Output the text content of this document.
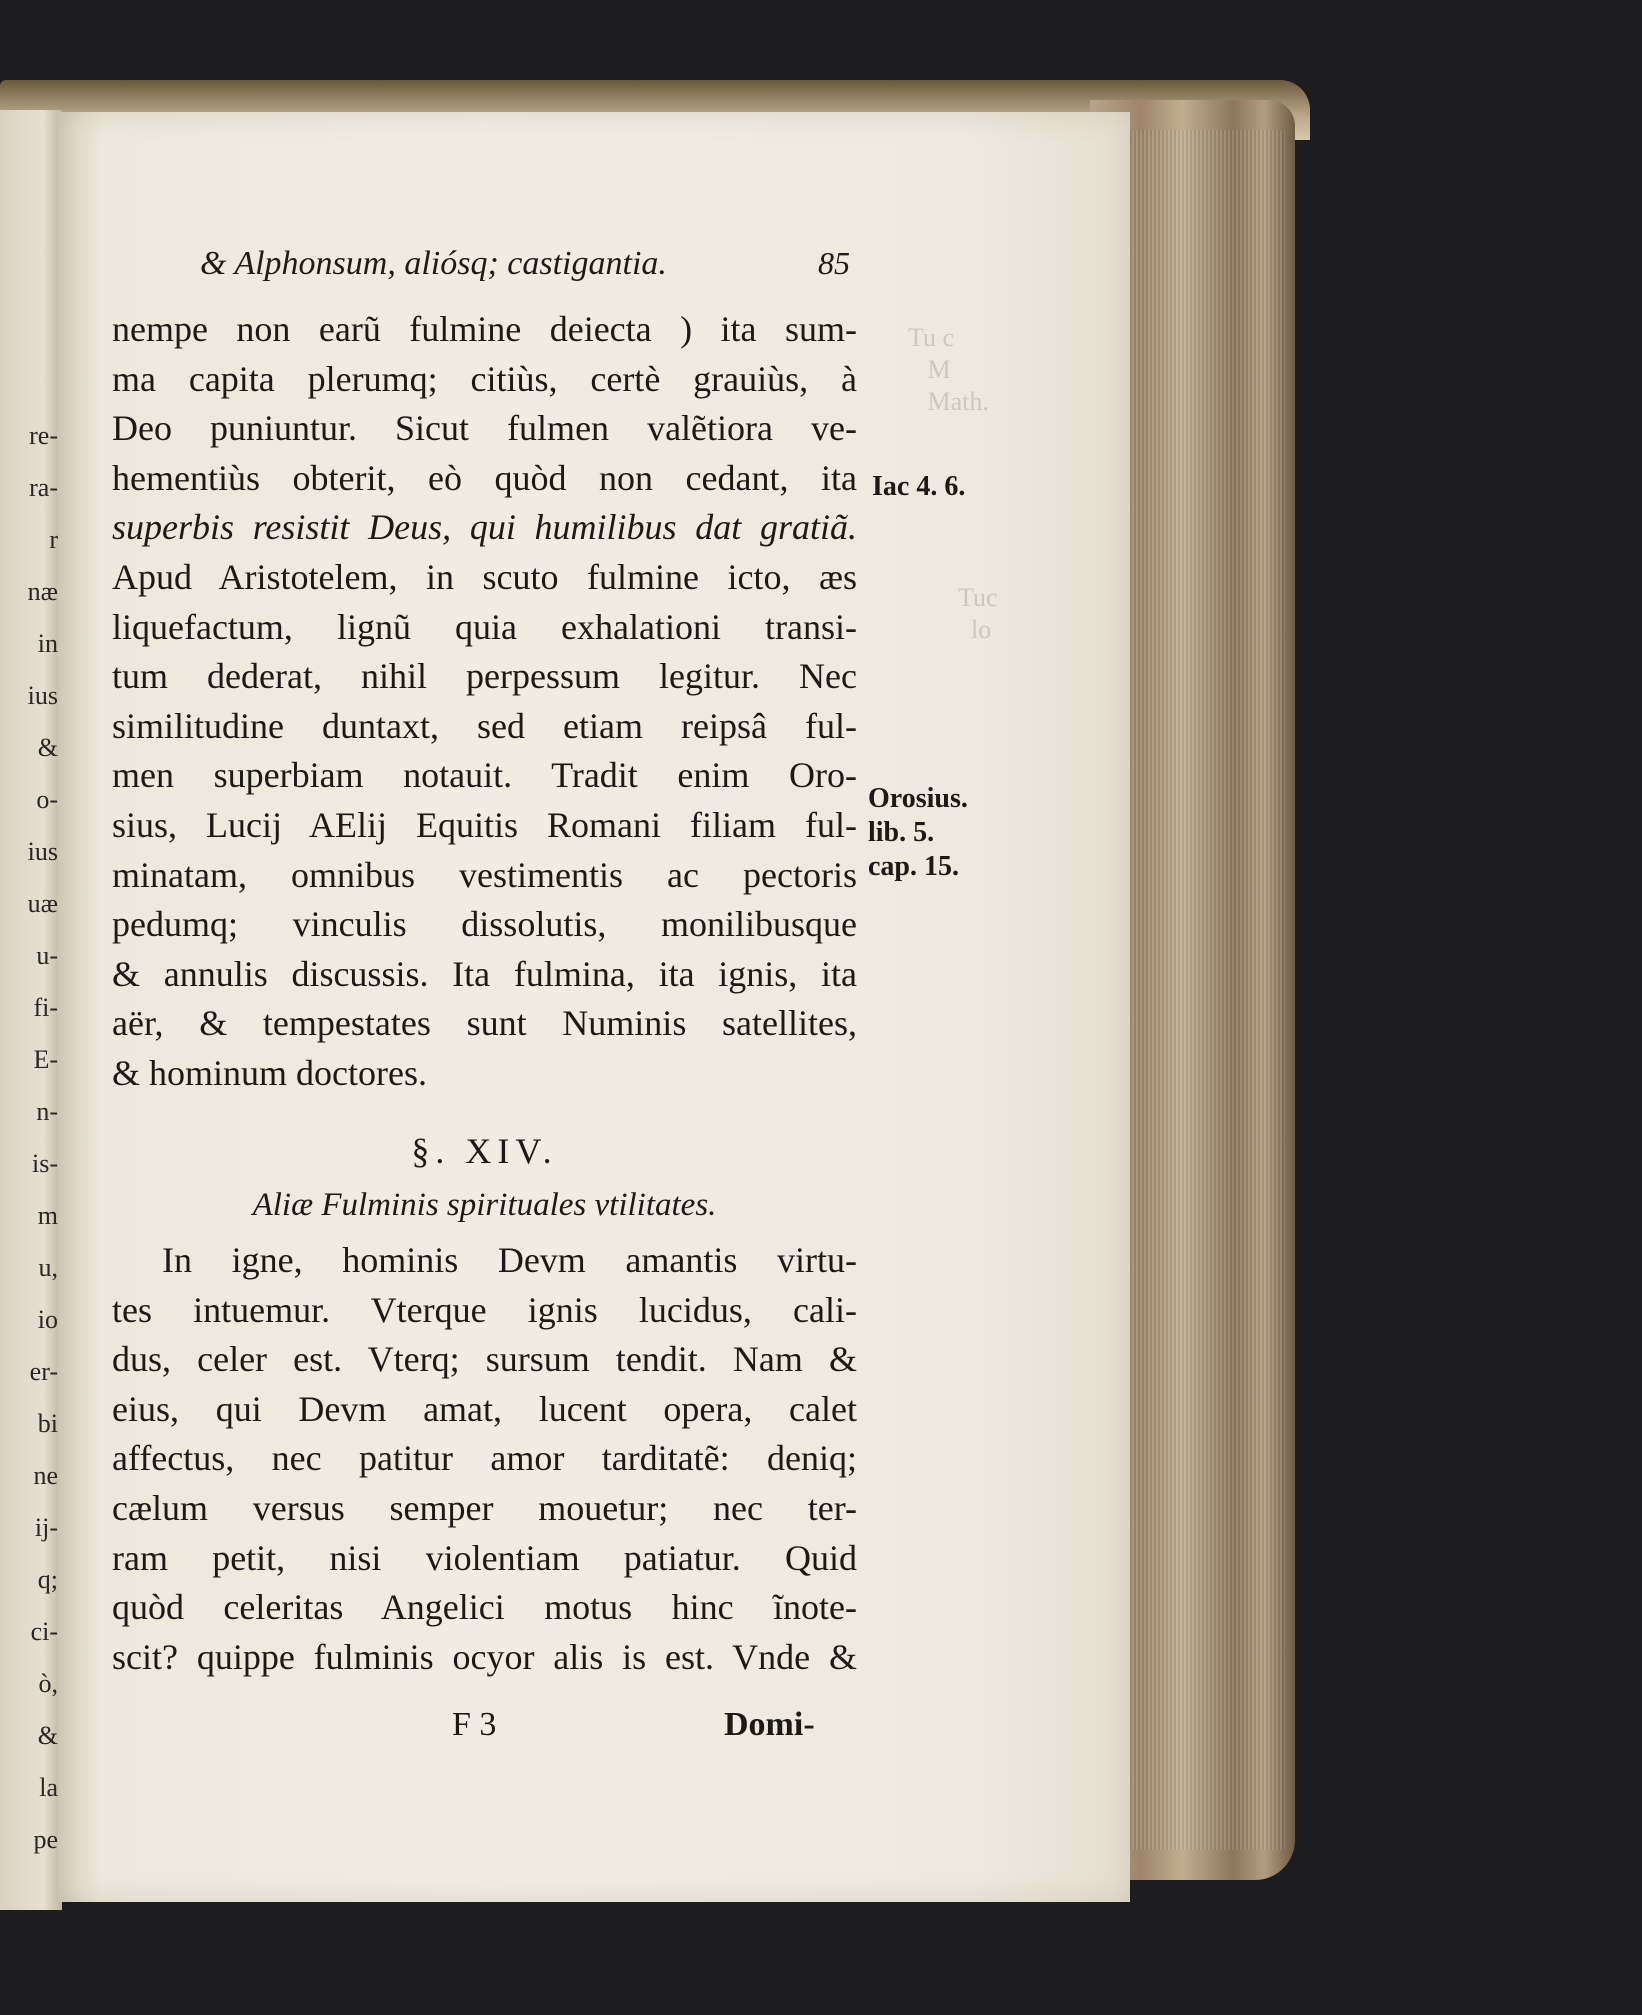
re-
ra-
r
næ
in
ius
&
o-
ius
uæ
u-
fi-
E-
n-
is-
m
u,
io
er-
bi
ne
ij-
q;
ci-
ò,
&
la
pe
Tu c
M
Math.
Tuc
lo
& Alphonsum, aliósq; castigantia.	85
nempe non earũ fulmine deiecta ) ita sum-
ma capita plerumq; citiùs, certè grauiùs, à
Deo puniuntur. Sicut fulmen valẽtiora ve-
hementiùs obterit, eò quòd non cedant, ita
superbis resistit Deus, qui humilibus dat gratiã.
Apud Aristotelem, in scuto fulmine icto, æs
liquefactum, lignũ quia exhalationi transi-
tum dederat, nihil perpessum legitur. Nec
similitudine duntaxt, sed etiam reipsâ ful-
men superbiam notauit. Tradit enim Oro-
sius, Lucij AElij Equitis Romani filiam ful-
minatam, omnibus vestimentis ac pectoris
pedumq; vinculis dissolutis, monilibusque
& annulis discussis. Ita fulmina, ita ignis, ita
aër, & tempestates sunt Numinis satellites,
& hominum doctores.
§. XIV.
Aliæ Fulminis spirituales vtilitates.
In igne, hominis Devm amantis virtu-
tes intuemur. Vterque ignis lucidus, cali-
dus, celer est. Vterq; sursum tendit. Nam &
eius, qui Devm amat, lucent opera, calet
affectus, nec patitur amor tarditatẽ: deniq;
cælum versus semper mouetur; nec ter-
ram petit, nisi violentiam patiatur. Quid
quòd celeritas Angelici motus hinc ĩnote-
scit? quippe fulminis ocyor alis is est. Vnde &
F 3	Domi-
Iac 4. 6.
Orosius.
lib. 5.
cap. 15.
